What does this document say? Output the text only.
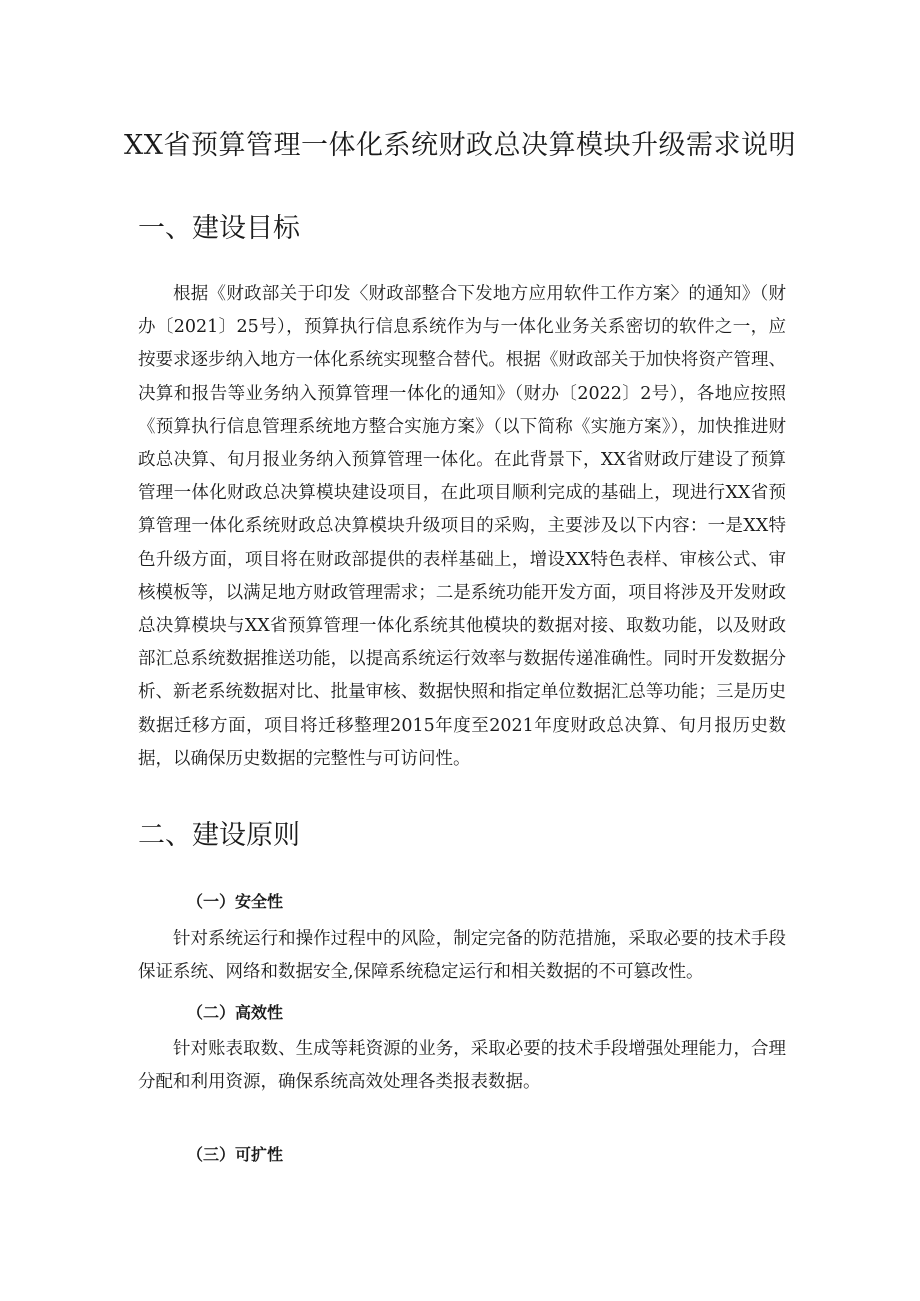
XX省预算管理一体化系统财政总决算模块升级需求说明
一、建设目标

根据《财政部关于印发〈财政部整合下发地方应用软件工作方案〉的通知》（财办〔2021〕25号），预算执行信息系统作为与一体化业务关系密切的软件之一，应按要求逐步纳入地方一体化系统实现整合替代。根据《财政部关于加快将资产管理、决算和报告等业务纳入预算管理一体化的通知》（财办〔2022〕2号），各地应按照《预算执行信息管理系统地方整合实施方案》（以下简称《实施方案》），加快推进财政总决算、旬月报业务纳入预算管理一体化。在此背景下，XX省财政厅建设了预算管理一体化财政总决算模块建设项目，在此项目顺利完成的基础上，现进行XX省预算管理一体化系统财政总决算模块升级项目的采购，主要涉及以下内容：一是XX特色升级方面，项目将在财政部提供的表样基础上，增设XX特色表样、审核公式、审核模板等，以满足地方财政管理需求；二是系统功能开发方面，项目将涉及开发财政总决算模块与XX省预算管理一体化系统其他模块的数据对接、取数功能，以及财政部汇总系统数据推送功能，以提高系统运行效率与数据传递准确性。同时开发数据分析、新老系统数据对比、批量审核、数据快照和指定单位数据汇总等功能；三是历史数据迁移方面，项目将迁移整理2015年度至2021年度财政总决算、旬月报历史数据，以确保历史数据的完整性与可访问性。

二、建设原则
（一）安全性

针对系统运行和操作过程中的风险，制定完备的防范措施，采取必要的技术手段保证系统、网络和数据安全,保障系统稳定运行和相关数据的不可篡改性。

（二）高效性

针对账表取数、生成等耗资源的业务，采取必要的技术手段增强处理能力，合理分配和利用资源，确保系统高效处理各类报表数据。

（三）可扩性
